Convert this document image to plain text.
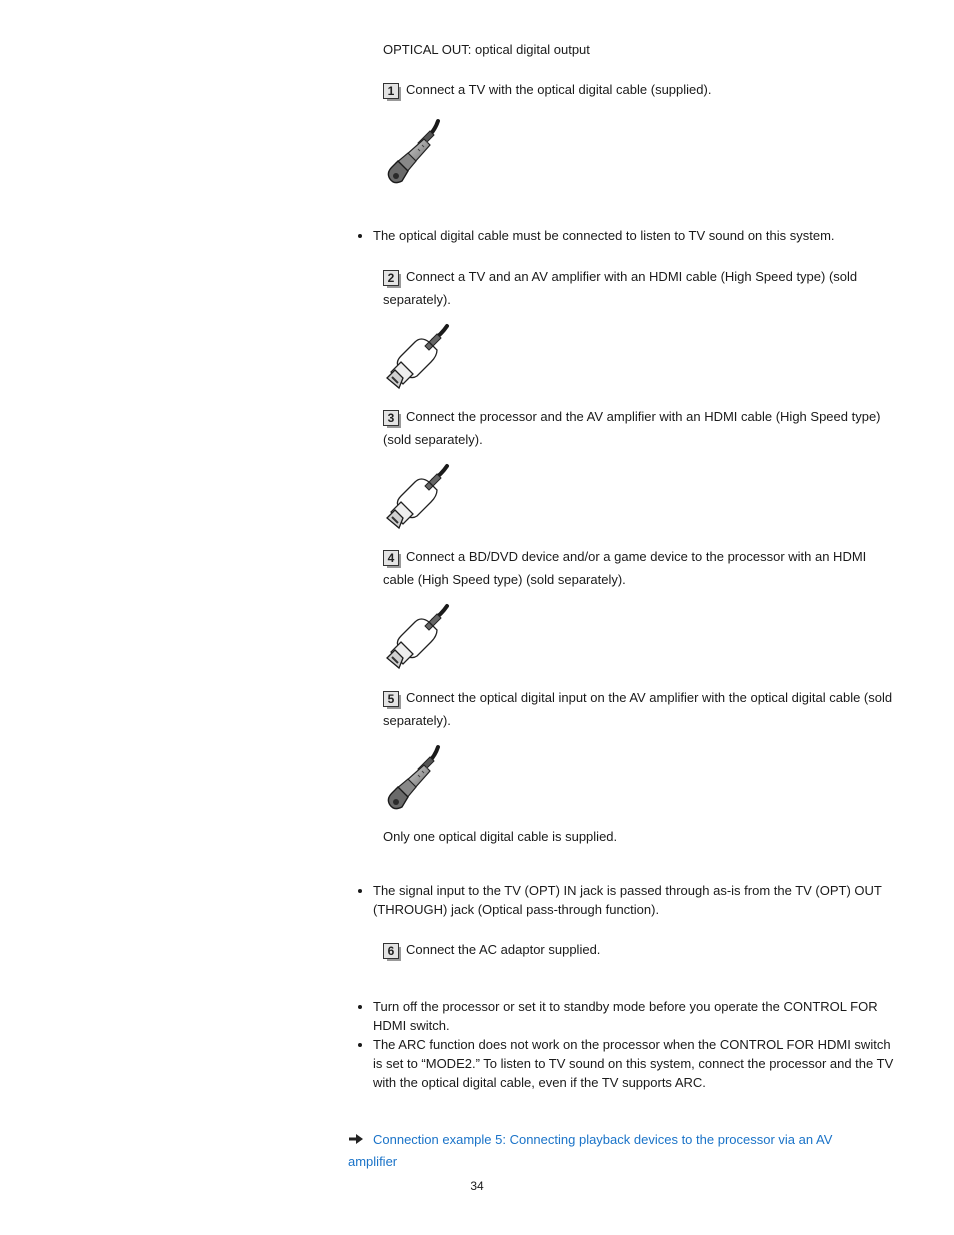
OPTICAL OUT: optical digital output
1 Connect a TV with the optical digital cable (supplied).
The optical digital cable must be connected to listen to TV sound on this system.
2 Connect a TV and an AV amplifier with an HDMI cable (High Speed type) (sold separately).
3 Connect the processor and the AV amplifier with an HDMI cable (High Speed type) (sold separately).
4 Connect a BD/DVD device and/or a game device to the processor with an HDMI cable (High Speed type) (sold separately).
5 Connect the optical digital input on the AV amplifier with the optical digital cable (sold separately).
Only one optical digital cable is supplied.
The signal input to the TV (OPT) IN jack is passed through as-is from the TV (OPT) OUT (THROUGH) jack (Optical pass-through function).
6 Connect the AC adaptor supplied.
Turn off the processor or set it to standby mode before you operate the CONTROL FOR HDMI switch.
The ARC function does not work on the processor when the CONTROL FOR HDMI switch is set to “MODE2.” To listen to TV sound on this system, connect the processor and the TV with the optical digital cable, even if the TV supports ARC.
Connection example 5: Connecting playback devices to the processor via an AV amplifier
34
